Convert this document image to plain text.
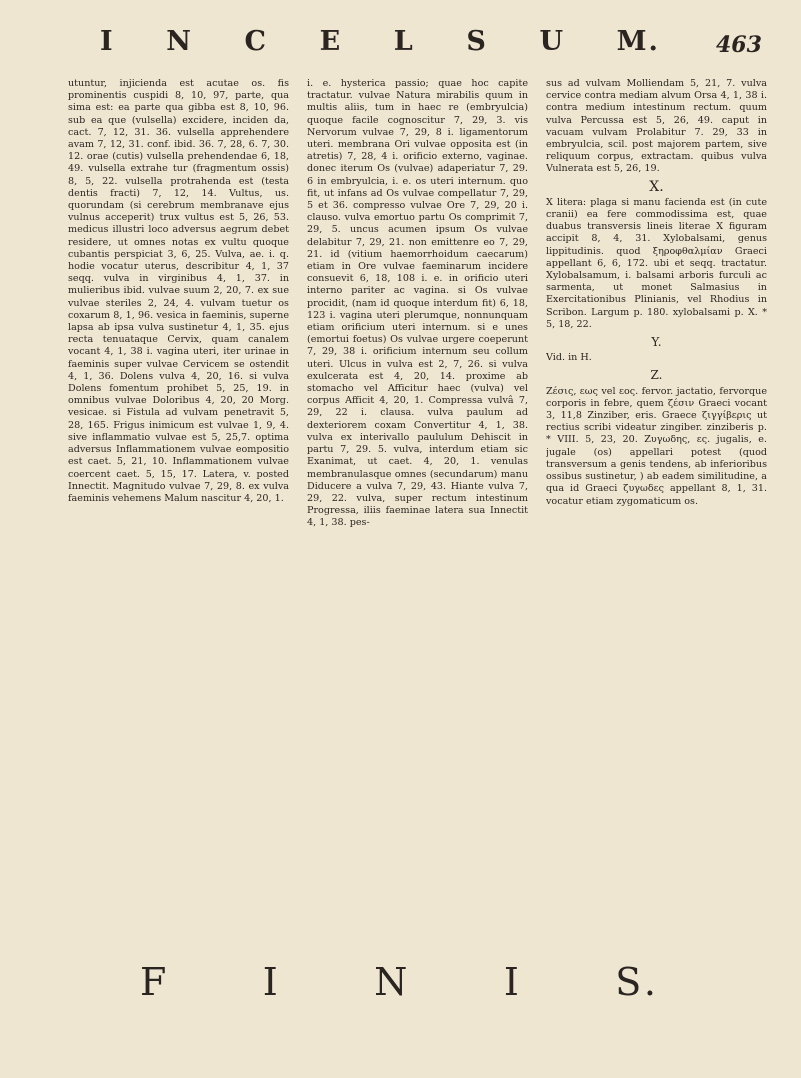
I N C E L S U M.	463

utuntur, injicienda est acutae os. fis prominentis cuspidi 8, 10, 97, parte, qua sima est: ea parte qua gibba est 8, 10, 96. sub ea que (vulsella) excidere, inciden da, cact. 7, 12, 31. 36. vulsella apprehendere avam 7, 12, 31. conf. ibid. 36. 7, 28, 6. 7, 30. 12. orae (cutis) vulsella prehendendae 6, 18, 49. vulsella extrahe tur (fragmentum ossis) 8, 5, 22. vulsella protrahenda est (testa dentis fracti) 7, 12, 14. Vultus, us. quorundam (si cerebrum membranave ejus vulnus acceperit) trux vultus est 5, 26, 53. medicus illustri loco adversus aegrum debet residere, ut omnes notas ex vultu quoque cubantis perspiciat 3, 6, 25. Vulva, ae. i. q. hodie vocatur uterus, describitur 4, 1, 37 seqq. vulva in virginibus 4, 1, 37. in mulieribus ibid. vulvae suum 2, 20, 7. ex sue vulvae steriles 2, 24, 4. vulvam tuetur os coxarum 8, 1, 96. vesica in faeminis, superne lapsa ab ipsa vulva sustinetur 4, 1, 35. ejus recta tenuataque Cervix, quam canalem vocant 4, 1, 38 i. vagina uteri, iter urinae in faeminis super vulvae Cervicem se ostendit 4, 1, 36. Dolens vulva 4, 20, 16. si vulva Dolens fomentum prohibet 5, 25, 19. in omnibus vulvae Doloribus 4, 20, 20 Morg. vesicae. si Fistula ad vulvam penetravit 5, 28, 165. Frigus inimicum est vulvae 1, 9, 4. sive inflammatio vulvae est 5, 25,7. optima adversus Inflammationem vulvae eompositio est caet. 5, 21, 10. Inflammationem vulvae coercent caet. 5, 15, 17. Latera, v. posted Innectit. Magnitudo vulvae 7, 29, 8. ex vulva faeminis vehemens Malum nascitur 4, 20, 1.

i. e. hysterica passio; quae hoc capite tractatur. vulvae Natura mirabilis quum in multis aliis, tum in haec re (embryulcia) quoque facile cognoscitur 7, 29, 3. vis Nervorum vulvae 7, 29, 8 i. ligamentorum uteri. membrana Ori vulvae opposita est (in atretis) 7, 28, 4 i. orificio externo, vaginae. donec iterum Os (vulvae) adaperiatur 7, 29. 6 in embryulcia, i. e. os uteri internum. quo fit, ut infans ad Os vulvae compellatur 7, 29, 5 et 36. compresso vulvae Ore 7, 29, 20 i. clauso. vulva emortuo partu Os comprimit 7, 29, 5. uncus acumen ipsum Os vulvae delabitur 7, 29, 21. non emittenre eo 7, 29, 21. id (vitium haemorrhoidum caecarum) etiam in Ore vulvae faeminarum incidere consuevit 6, 18, 108 i. e. in orificio uteri interno pariter ac vagina. si Os vulvae procidit, (nam id quoque interdum fit) 6, 18, 123 i. vagina uteri plerumque, nonnunquam etiam orificium uteri internum. si e unes (emortui foetus) Os vulvae urgere coeperunt 7, 29, 38 i. orificium internum seu collum uteri. Ulcus in vulva est 2, 7, 26. si vulva exulcerata est 4, 20, 14. proxime ab stomacho vel Afficitur haec (vulva) vel corpus Afficit 4, 20, 1. Compressa vulvâ 7, 29, 22 i. clausa. vulva paulum ad dexteriorem coxam Convertitur 4, 1, 38. vulva ex interivallo paululum Dehiscit in partu 7, 29. 5. vulva, interdum etiam sic Exanimat, ut caet. 4, 20, 1. venulas membranulasque omnes (secundarum) manu Diducere a vulva 7, 29, 43. Hiante vulva 7, 29, 22. vulva, super rectum intestinum Progressa, iliis faeminae latera sua Innectit 4, 1, 38. pes-

sus ad vulvam Molliendam 5, 21, 7. vulva cervice contra mediam alvum Orsa 4, 1, 38 i. contra medium intestinum rectum. quum vulva Percussa est 5, 26, 49. caput in vacuam vulvam Prolabitur 7. 29, 33 in embryulcia, scil. post majorem partem, sive reliquum corpus, extractam. quibus vulva Vulnerata est 5, 26, 19.

X.

X litera: plaga si manu facienda est (in cute cranii) ea fere commodissima est, quae duabus transversis lineis literae X figuram accipit 8, 4, 31. Xylobalsami, genus lippitudinis. quod ξηροφθαλμίαν Graeci appellant 6, 6, 172. ubi et seqq. tractatur. Xylobalsamum, i. balsami arboris furculi ac sarmenta, ut monet Salmasius in Exercitationibus Plinianis, vel Rhodius in Scribon. Largum p. 180. xylobalsami p. X. * 5, 18, 22.

Y.

Vid. in H.

Z.

Ζέσις, εως vel εος. fervor. jactatio, fervorque corporis in febre, quem ζέσιν Graeci vocant 3, 11,8 Zinziber, eris. Graece ζιγγίβερις ut rectius scribi videatur zingiber. zinziberis p. * VIII. 5, 23, 20. Ζυγωδης, ες. jugalis, e. jugale (os) appellari potest (quod transversum a genis tendens, ab inferioribus ossibus sustinetur, ) ab eadem similitudine, a qua id Graeci ζυγωδες appellant 8, 1, 31. vocatur etiam zygomaticum os.

F I N I S.
